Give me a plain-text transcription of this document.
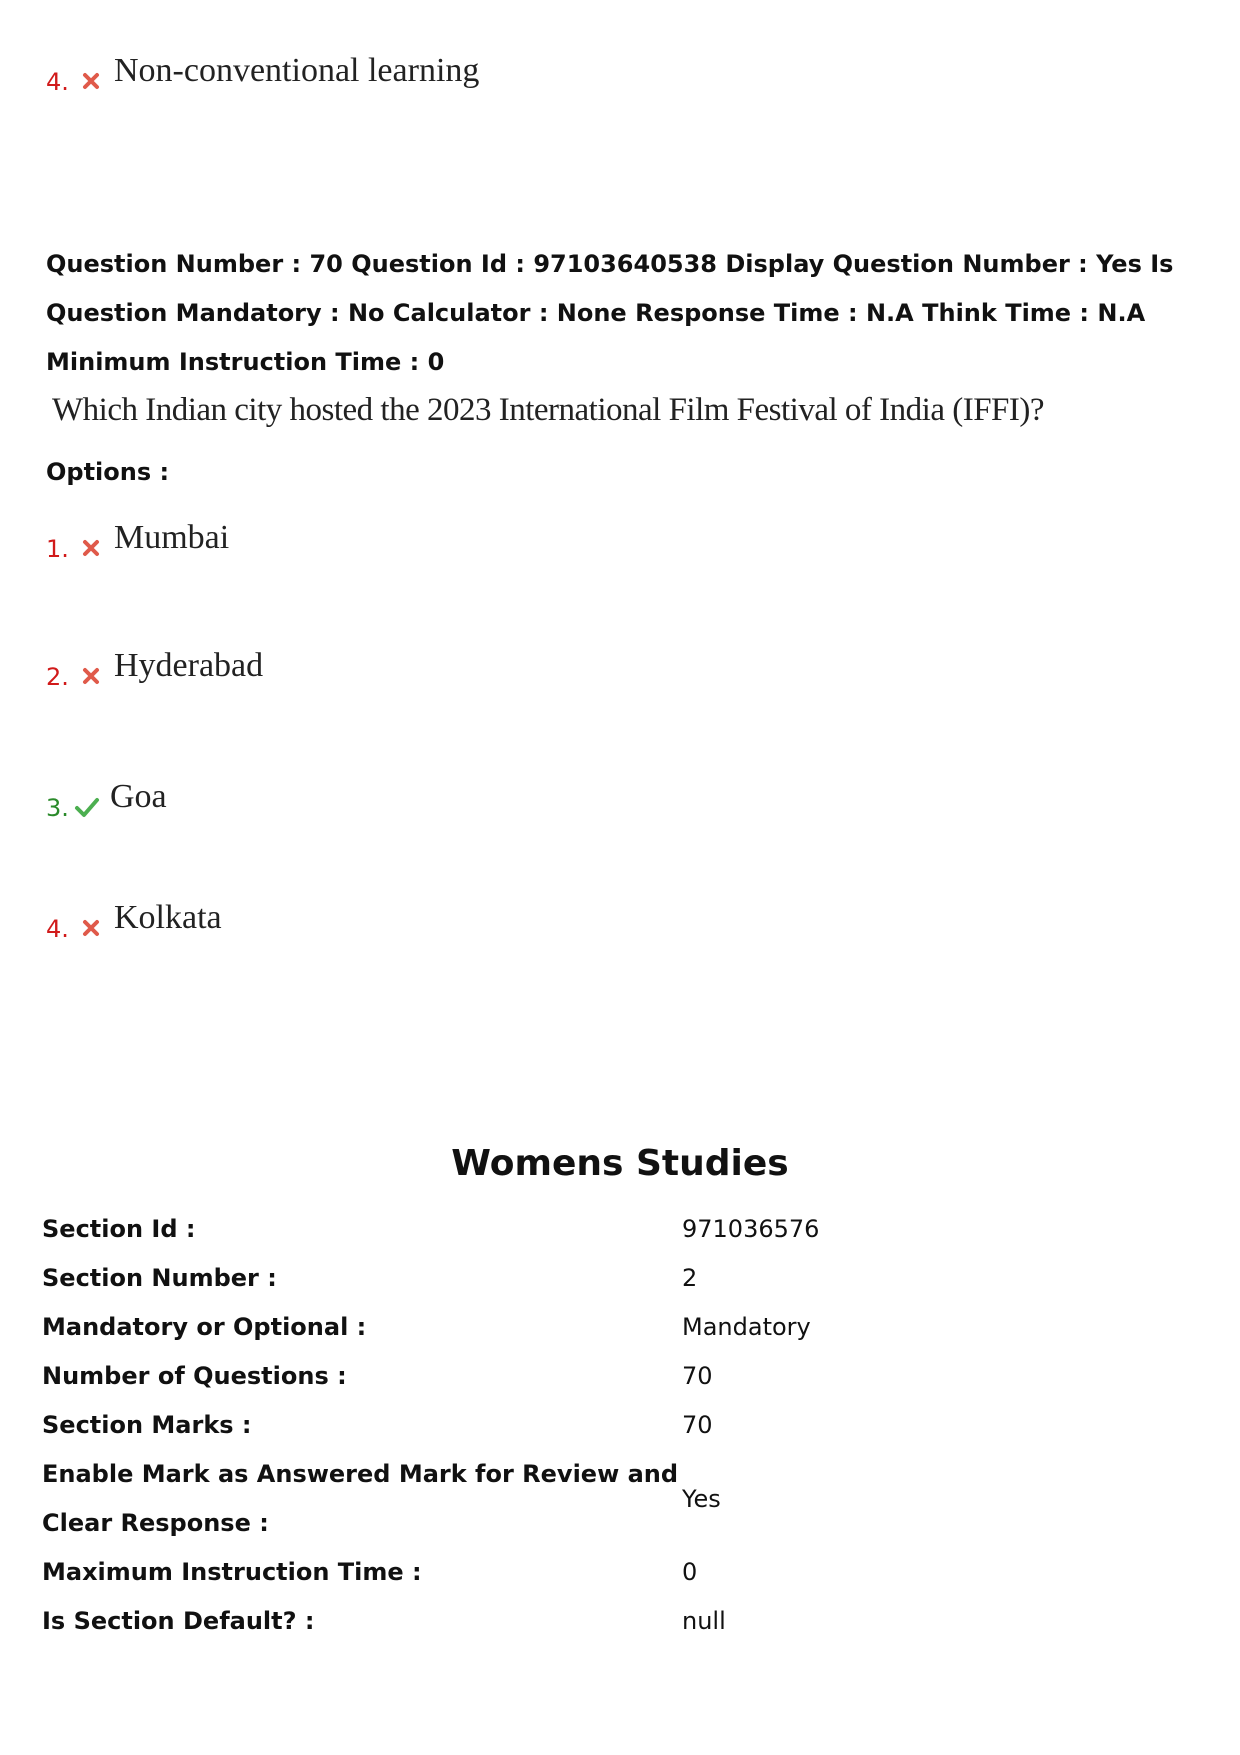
4. Non-conventional learning
Question Number : 70 Question Id : 97103640538 Display Question Number : Yes Is Question Mandatory : No Calculator : None Response Time : N.A Think Time : N.A Minimum Instruction Time : 0
Which Indian city hosted the 2023 International Film Festival of India (IFFI)?
Options :
1. Mumbai
2. Hyderabad
3. Goa
4. Kolkata
Womens Studies
Section Id :	971036576
Section Number :	2
Mandatory or Optional :	Mandatory
Number of Questions :	70
Section Marks :	70
Enable Mark as Answered Mark for Review and Clear Response :
Yes
Maximum Instruction Time :	0
Is Section Default? :	null
